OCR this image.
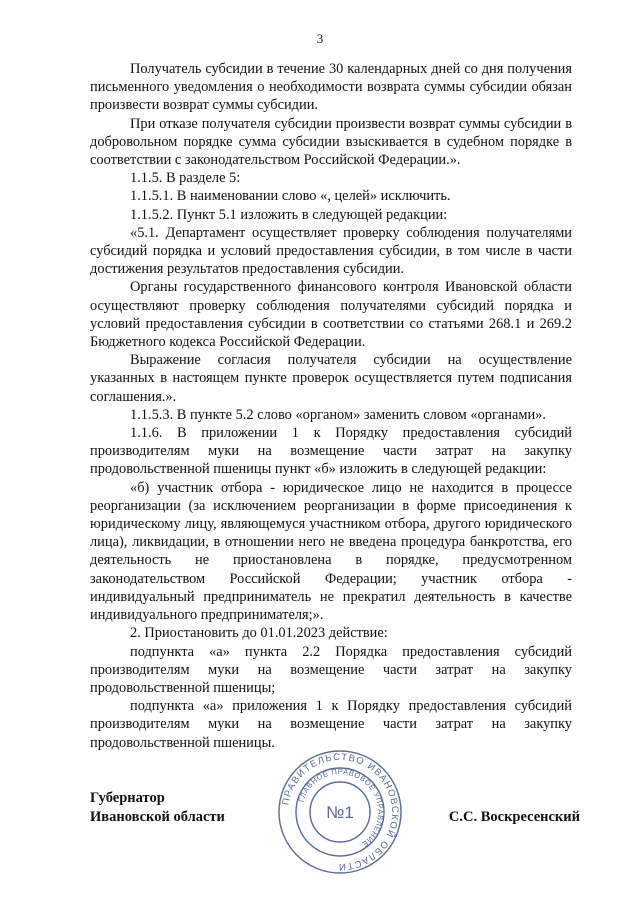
3

Получатель субсидии в течение 30 календарных дней со дня получения письменного уведомления о необходимости возврата суммы субсидии обязан произвести возврат суммы субсидии.

При отказе получателя субсидии произвести возврат суммы субсидии в добровольном порядке сумма субсидии взыскивается в судебном порядке в соответствии с законодательством Российской Федерации.».

1.1.5. В разделе 5:

1.1.5.1. В наименовании слово «, целей» исключить.

1.1.5.2. Пункт 5.1 изложить в следующей редакции:

«5.1. Департамент осуществляет проверку соблюдения получателями субсидий порядка и условий предоставления субсидии, в том числе в части достижения результатов предоставления субсидии.

Органы государственного финансового контроля Ивановской области осуществляют проверку соблюдения получателями субсидий порядка и условий предоставления субсидии в соответствии со статьями 268.1 и 269.2 Бюджетного кодекса Российской Федерации.

Выражение согласия получателя субсидии на осуществление указанных в настоящем пункте проверок осуществляется путем подписания соглашения.».

1.1.5.3. В пункте 5.2 слово «органом» заменить словом «органами».

1.1.6. В приложении 1 к Порядку предоставления субсидий производителям муки на возмещение части затрат на закупку продовольственной пшеницы пункт «б» изложить в следующей редакции:

«б) участник отбора - юридическое лицо не находится в процессе реорганизации (за исключением реорганизации в форме присоединения к юридическому лицу, являющемуся участником отбора, другого юридического лица), ликвидации, в отношении него не введена процедура банкротства, его деятельность не приостановлена в порядке, предусмотренном законодательством Российской Федерации; участник отбора - индивидуальный предприниматель не прекратил деятельность в качестве индивидуального предпринимателя;».

2. Приостановить до 01.01.2023 действие:

подпункта «а» пункта 2.2 Порядка предоставления субсидий производителям муки на возмещение части затрат на закупку продовольственной пшеницы;

подпункта «а» приложения 1 к Порядку предоставления субсидий производителям муки на возмещение части затрат на закупку продовольственной пшеницы.

Губернатор
Ивановской области	С.С. Воскресенский
ПРАВИТЕЛЬСТВО ИВАНОВСКОЙ ОБЛАСТИ
ГЛАВНОЕ ПРАВОВОЕ УПРАВЛЕНИЕ
№1
